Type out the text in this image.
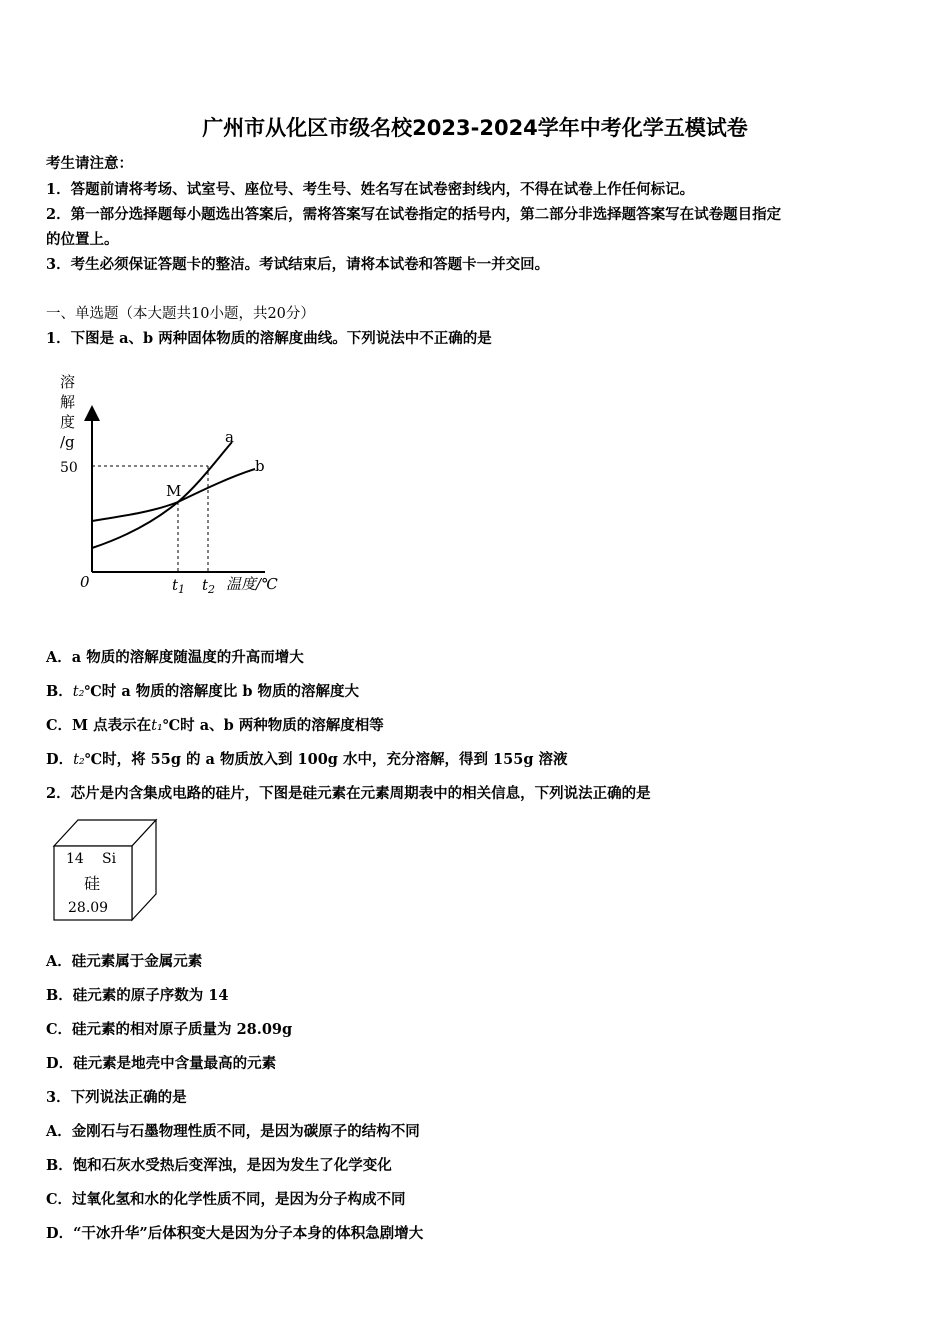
广州市从化区市级名校2023-2024学年中考化学五模试卷
考生请注意：
1．答题前请将考场、试室号、座位号、考生号、姓名写在试卷密封线内，不得在试卷上作任何标记。
2．第一部分选择题每小题选出答案后，需将答案写在试卷指定的括号内，第二部分非选择题答案写在试卷题目指定
的位置上。
3．考生必须保证答题卡的整洁。考试结束后，请将本试卷和答题卡一并交回。
一、单选题（本大题共10小题，共20分）
1．下图是 a、b 两种固体物质的溶解度曲线。下列说法中不正确的是
溶
解
度
/g
50
0
a
b
M
$t_1$ $t_2$ 温度/℃
A．a 物质的溶解度随温度的升高而增大
B．t₂℃时 a 物质的溶解度比 b 物质的溶解度大
C．M 点表示在t₁℃时 a、b 两种物质的溶解度相等
D．t₂℃时，将 55g 的 a 物质放入到 100g 水中，充分溶解，得到 155g 溶液
2．芯片是内含集成电路的硅片，下图是硅元素在元素周期表中的相关信息，下列说法正确的是
14 Si
硅
28.09
A．硅元素属于金属元素
B．硅元素的原子序数为 14
C．硅元素的相对原子质量为 28.09g
D．硅元素是地壳中含量最高的元素
3．下列说法正确的是
A．金刚石与石墨物理性质不同，是因为碳原子的结构不同
B．饱和石灰水受热后变浑浊，是因为发生了化学变化
C．过氧化氢和水的化学性质不同，是因为分子构成不同
D．“干冰升华”后体积变大是因为分子本身的体积急剧增大
